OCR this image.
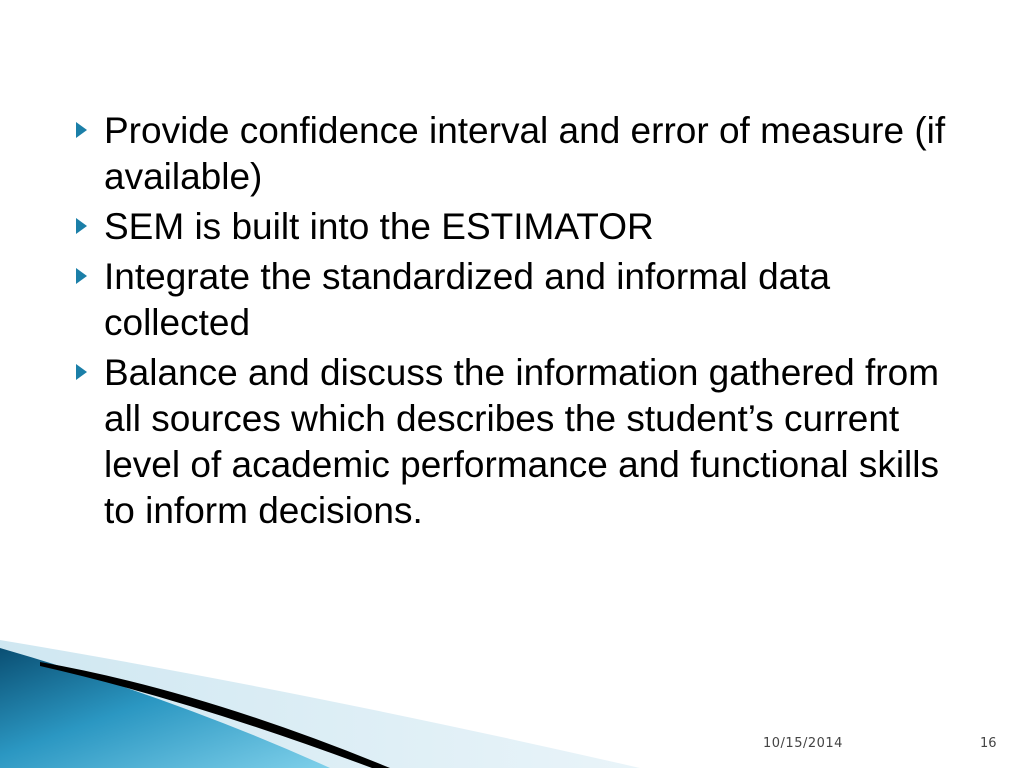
Provide confidence interval and error of measure (if available)
SEM is built into the ESTIMATOR
Integrate the standardized and informal data collected
Balance and discuss the information gathered from all sources which describes the student’s current level of academic performance and functional skills to inform decisions.
10/15/2014	16
